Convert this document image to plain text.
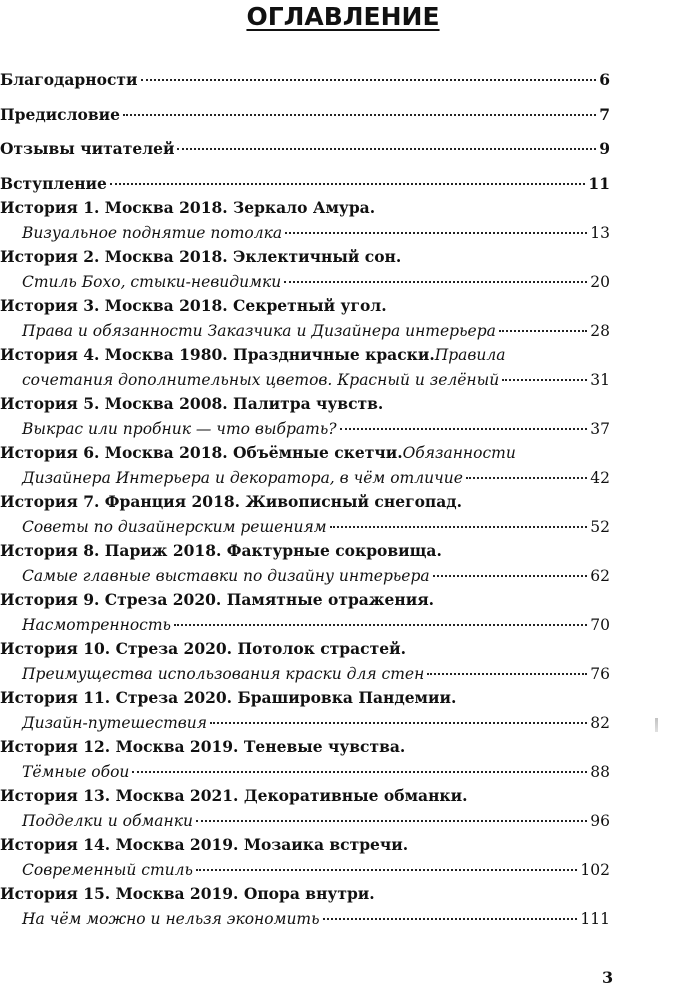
ОГЛАВЛЕНИЕ
Благодарности	6
Предисловие	7
Отзывы читателей	9
Вступление	11
История 1. Москва 2018. Зеркало Амура.
Визуальное поднятие потолка	13
История 2. Москва 2018. Эклектичный сон.
Стиль Бохо, стыки-невидимки	20
История 3. Москва 2018. Секретный угол.
Права и обязанности Заказчика и Дизайнера интерьера	28
История 4. Москва 1980. Праздничные краски. Правила
сочетания дополнительных цветов. Красный и зелёный	31
История 5. Москва 2008. Палитра чувств.
Выкрас или пробник — что выбрать?	37
История 6. Москва 2018. Объёмные скетчи. Обязанности
Дизайнера Интерьера и декоратора, в чём отличие	42
История 7. Франция 2018. Живописный снегопад.
Советы по дизайнерским решениям	52
История 8. Париж 2018. Фактурные сокровища.
Самые главные выставки по дизайну интерьера	62
История 9. Стреза 2020. Памятные отражения.
Насмотренность	70
История 10. Стреза 2020. Потолок страстей.
Преимущества использования краски для стен	76
История 11. Стреза 2020. Брашировка Пандемии.
Дизайн-путешествия	82
История 12. Москва 2019. Теневые чувства.
Тёмные обои	88
История 13. Москва 2021. Декоративные обманки.
Подделки и обманки	96
История 14. Москва 2019. Мозаика встречи.
Современный стиль	102
История 15. Москва 2019. Опора внутри.
На чём можно и нельзя экономить	111
3
